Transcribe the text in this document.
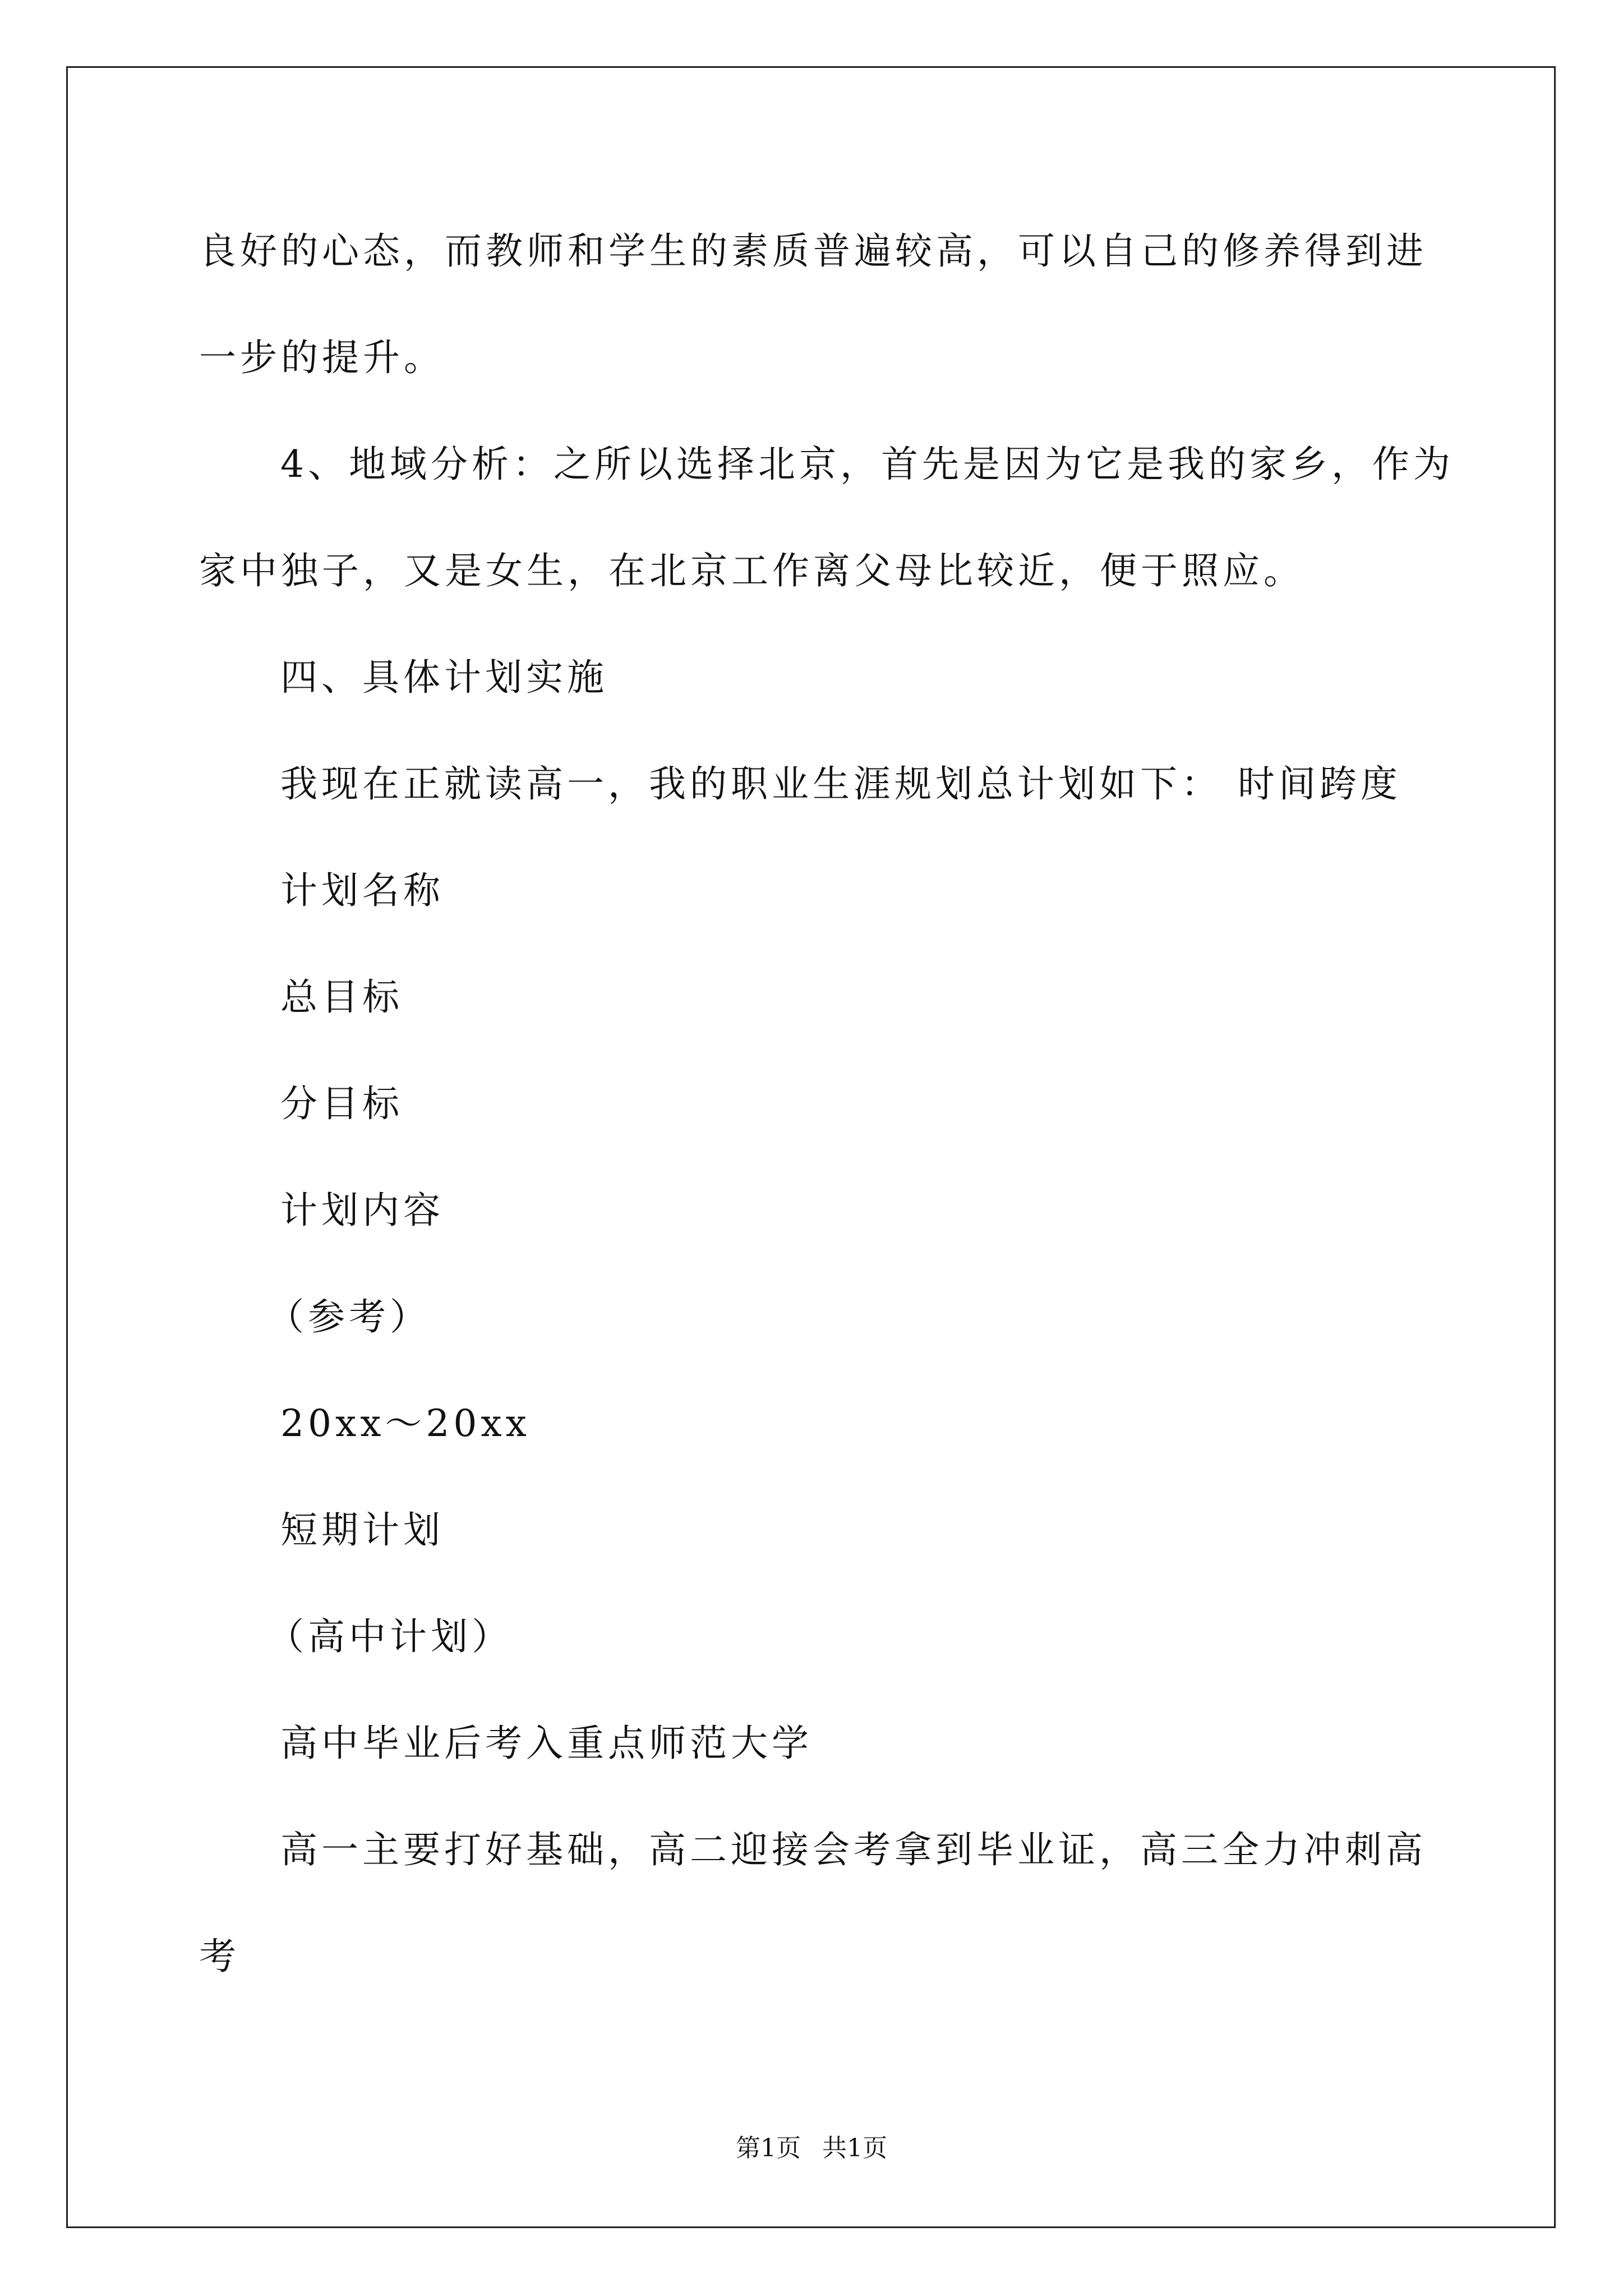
良好的心态，而教师和学生的素质普遍较高，可以自己的修养得到进
一步的提升。
4、地域分析：之所以选择北京，首先是因为它是我的家乡，作为
家中独子，又是女生，在北京工作离父母比较近，便于照应。
四、具体计划实施
我现在正就读高一，我的职业生涯规划总计划如下： 时间跨度
计划名称
总目标
分目标
计划内容
（参考）
20xx～20xx
短期计划
（高中计划）
高中毕业后考入重点师范大学
高一主要打好基础，高二迎接会考拿到毕业证，高三全力冲刺高
考
第1页 共1页
